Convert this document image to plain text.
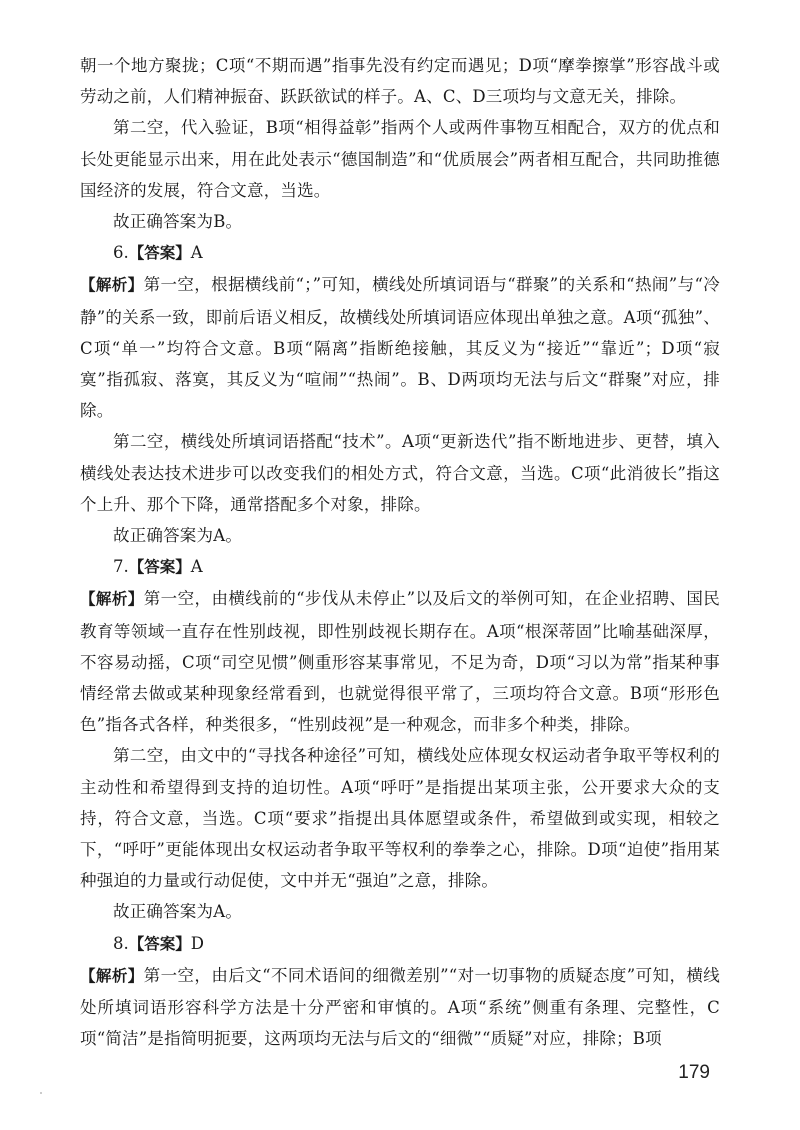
朝一个地方聚拢；C项“不期而遇”指事先没有约定而遇见；D项“摩拳擦掌”形容战斗或劳动之前，人们精神振奋、跃跃欲试的样子。A、C、D三项均与文意无关，排除。

第二空，代入验证，B项“相得益彰”指两个人或两件事物互相配合，双方的优点和长处更能显示出来，用在此处表示“德国制造”和“优质展会”两者相互配合，共同助推德国经济的发展，符合文意，当选。

故正确答案为B。

6.【答案】A

【解析】第一空，根据横线前“；”可知，横线处所填词语与“群聚”的关系和“热闹”与“冷静”的关系一致，即前后语义相反，故横线处所填词语应体现出单独之意。A项“孤独”、C项“单一”均符合文意。B项“隔离”指断绝接触，其反义为“接近”“靠近”；D项“寂寞”指孤寂、落寞，其反义为“喧闹”“热闹”。B、D两项均无法与后文“群聚”对应，排除。

第二空，横线处所填词语搭配“技术”。A项“更新迭代”指不断地进步、更替，填入横线处表达技术进步可以改变我们的相处方式，符合文意，当选。C项“此消彼长”指这个上升、那个下降，通常搭配多个对象，排除。

故正确答案为A。

7.【答案】A

【解析】第一空，由横线前的“步伐从未停止”以及后文的举例可知，在企业招聘、国民教育等领域一直存在性别歧视，即性别歧视长期存在。A项“根深蒂固”比喻基础深厚，不容易动摇，C项“司空见惯”侧重形容某事常见，不足为奇，D项“习以为常”指某种事情经常去做或某种现象经常看到，也就觉得很平常了，三项均符合文意。B项“形形色色”指各式各样，种类很多，“性别歧视”是一种观念，而非多个种类，排除。

第二空，由文中的“寻找各种途径”可知，横线处应体现女权运动者争取平等权利的主动性和希望得到支持的迫切性。A项“呼吁”是指提出某项主张，公开要求大众的支持，符合文意，当选。C项“要求”指提出具体愿望或条件，希望做到或实现，相较之下，“呼吁”更能体现出女权运动者争取平等权利的拳拳之心，排除。D项“迫使”指用某种强迫的力量或行动促使，文中并无“强迫”之意，排除。

故正确答案为A。

8.【答案】D

【解析】第一空，由后文“不同术语间的细微差别”“对一切事物的质疑态度”可知，横线处所填词语形容科学方法是十分严密和审慎的。A项“系统”侧重有条理、完整性，C项“简洁”是指简明扼要，这两项均无法与后文的“细微”“质疑”对应，排除；B项

179
